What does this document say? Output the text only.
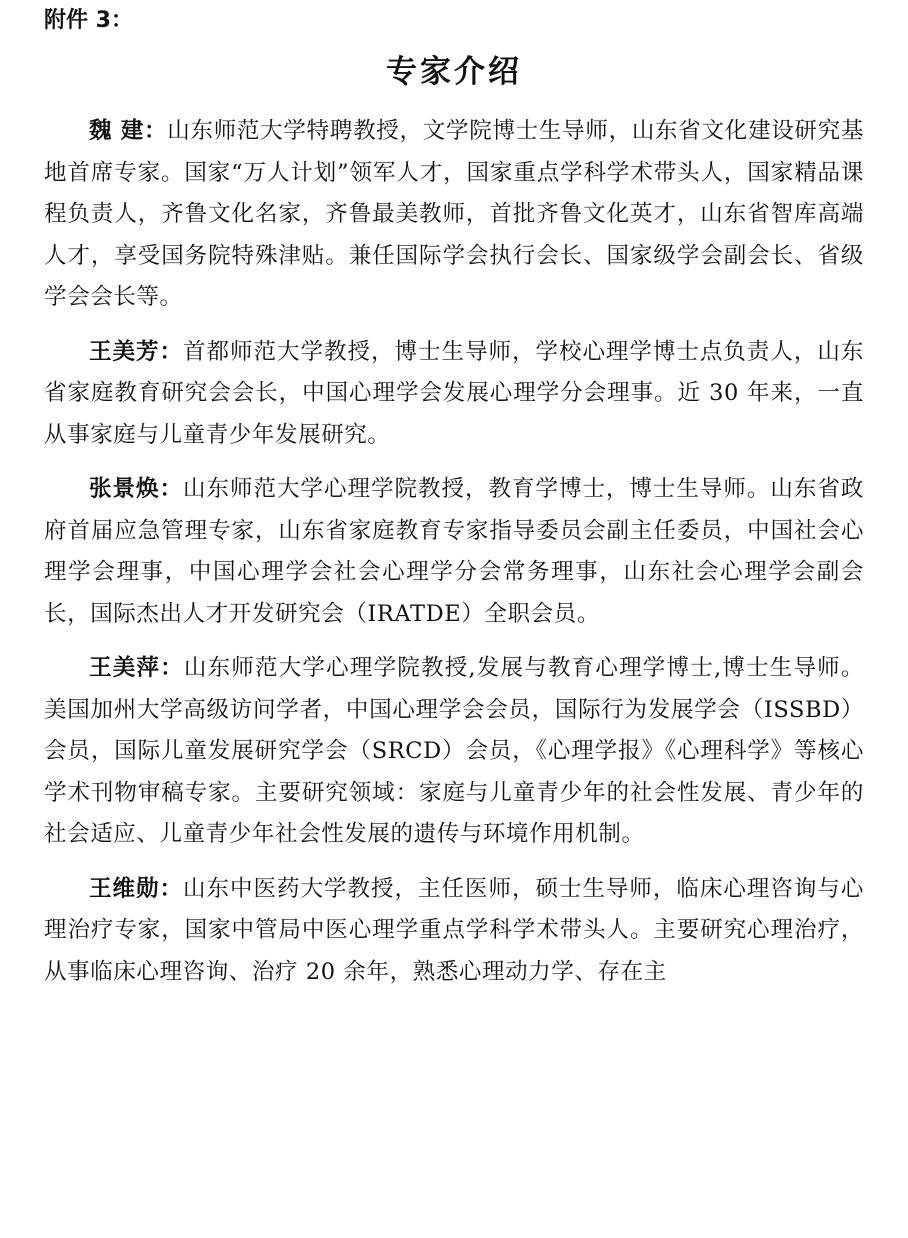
附件 3：
专家介绍

魏 建：山东师范大学特聘教授，文学院博士生导师，山东省文化建设研究基地首席专家。国家“万人计划”领军人才，国家重点学科学术带头人，国家精品课程负责人，齐鲁文化名家，齐鲁最美教师，首批齐鲁文化英才，山东省智库高端人才，享受国务院特殊津贴。兼任国际学会执行会长、国家级学会副会长、省级学会会长等。

王美芳：首都师范大学教授，博士生导师，学校心理学博士点负责人，山东省家庭教育研究会会长，中国心理学会发展心理学分会理事。近 30 年来，一直从事家庭与儿童青少年发展研究。

张景焕：山东师范大学心理学院教授，教育学博士，博士生导师。山东省政府首届应急管理专家，山东省家庭教育专家指导委员会副主任委员，中国社会心理学会理事，中国心理学会社会心理学分会常务理事，山东社会心理学会副会长，国际杰出人才开发研究会（IRATDE）全职会员。

王美萍：山东师范大学心理学院教授,发展与教育心理学博士,博士生导师。美国加州大学高级访问学者，中国心理学会会员，国际行为发展学会（ISSBD）会员，国际儿童发展研究学会（SRCD）会员，《心理学报》《心理科学》等核心学术刊物审稿专家。主要研究领域：家庭与儿童青少年的社会性发展、青少年的社会适应、儿童青少年社会性发展的遗传与环境作用机制。

王维勋：山东中医药大学教授，主任医师，硕士生导师，临床心理咨询与心理治疗专家，国家中管局中医心理学重点学科学术带头人。主要研究心理治疗，从事临床心理咨询、治疗 20 余年，熟悉心理动力学、存在主
